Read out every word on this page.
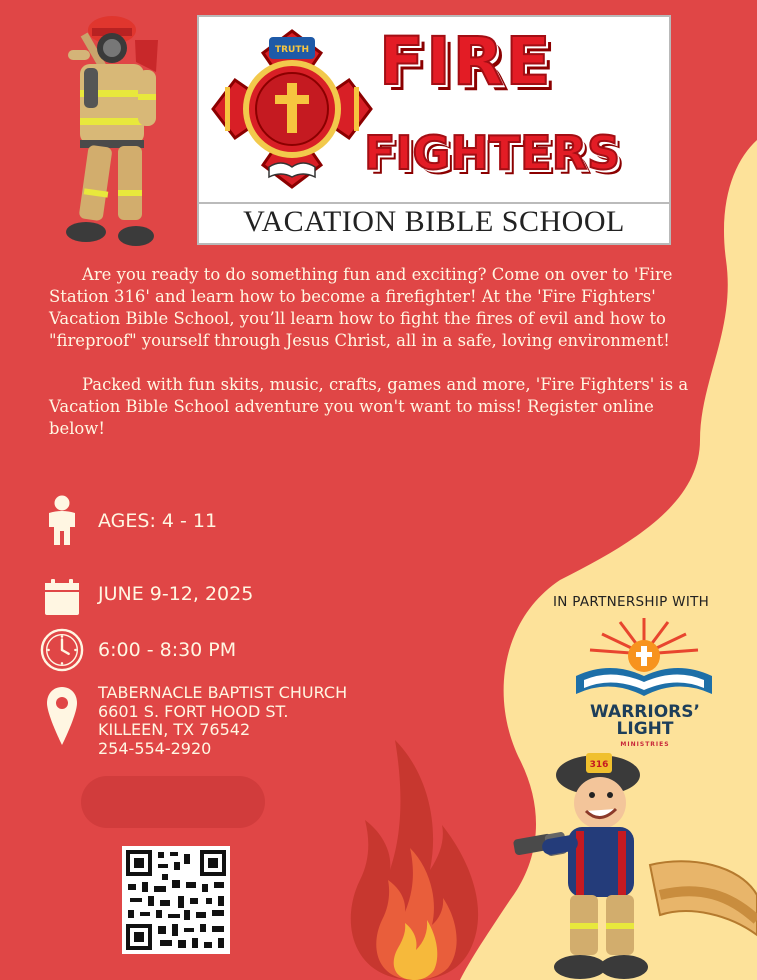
TRUTH FIRE
FIGHTERS
VACATION BIBLE SCHOOL

Are you ready to do something fun and exciting? Come on over to 'Fire Station 316' and learn how to become a firefighter! At the 'Fire Fighters' Vacation Bible School, you’ll learn how to fight the fires of evil and how to "fireproof" yourself through Jesus Christ, all in a safe, loving environment!

Packed with fun skits, music, crafts, games and more, 'Fire Fighters' is a Vacation Bible School adventure you won't want to miss! Register online below!

AGES: 4 - 11
JUNE 9-12, 2025
6:00 - 8:30 PM
TABERNACLE BAPTIST CHURCH
6601 S. FORT HOOD ST.
KILLEEN, TX 76542
254-554-2920
IN PARTNERSHIP WITH
WARRIORS’
LIGHT
MINISTRIES
316
